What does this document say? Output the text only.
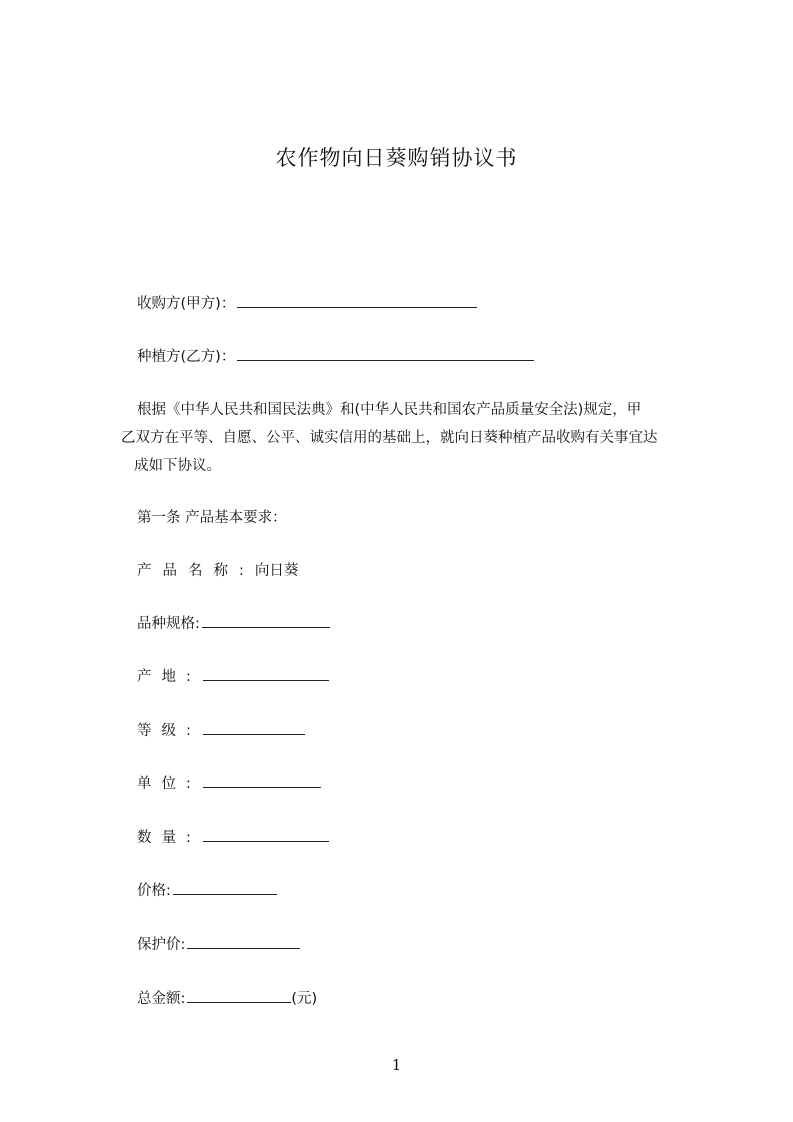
农作物向日葵购销协议书
收购方(甲方)：
种植方(乙方)：
根据《中华人民共和国民法典》和(中华人民共和国农产品质量安全法)规定，甲
乙双方在平等、自愿、公平、诚实信用的基础上，就向日葵种植产品收购有关事宜达
成如下协议。
第一条 产品基本要求：
产品名称: 向日葵
品种规格:
产地:
等级:
单位:
数量:
价格:
保护价:
总金额:	(元)
1
